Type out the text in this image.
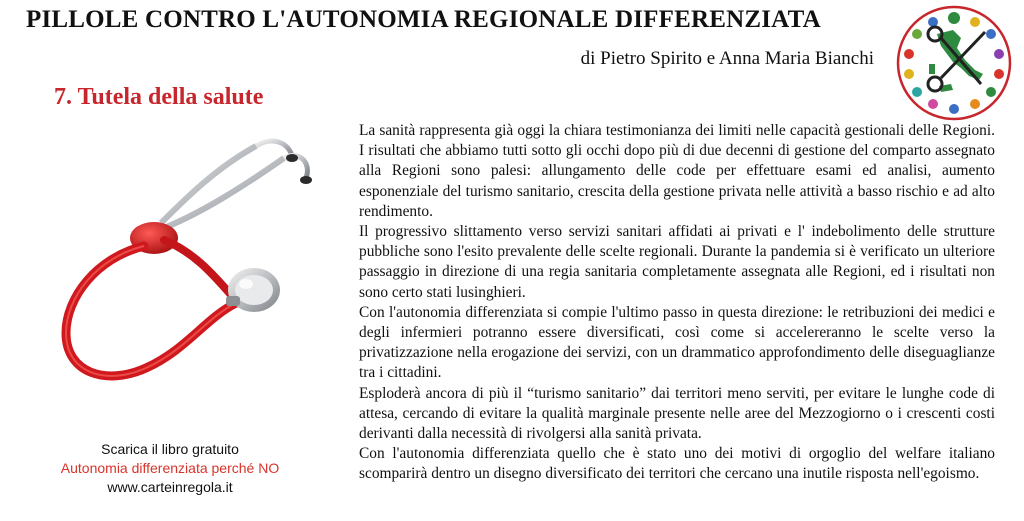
PILLOLE CONTRO L'AUTONOMIA REGIONALE DIFFERENZIATA
di Pietro Spirito e Anna Maria Bianchi
7. Tutela della salute

La sanità rappresenta già oggi la chiara testimonianza dei limiti nelle capacità gestionali delle Regioni. I risultati che abbiamo tutti sotto gli occhi dopo più di due decenni di gestione del comparto assegnato alla Regioni sono palesi: allungamento delle code per effettuare esami ed analisi, aumento esponenziale del turismo sanitario, crescita della gestione privata nelle attività a basso rischio e ad alto rendimento.

Il progressivo slittamento verso servizi sanitari affidati ai privati e l' indebolimento delle strutture pubbliche sono l'esito prevalente delle scelte regionali. Durante la pandemia si è verificato un ulteriore passaggio in direzione di una regia sanitaria completamente assegnata alle Regioni, ed i risultati non sono certo stati lusinghieri.

Con l'autonomia differenziata si compie l'ultimo passo in questa direzione: le retribuzioni dei medici e degli infermieri potranno essere diversificati, così come si accelereranno le scelte verso la privatizzazione nella erogazione dei servizi, con un drammatico approfondimento delle diseguaglianze tra i cittadini.

Esploderà ancora di più il “turismo sanitario” dai territori meno serviti, per evitare le lunghe code di attesa, cercando di evitare la qualità marginale presente nelle aree del Mezzogiorno o i crescenti costi derivanti dalla necessità di rivolgersi alla sanità privata.

Con l'autonomia differenziata quello che è stato uno dei motivi di orgoglio del welfare italiano scomparirà dentro un disegno diversificato dei territori che cercano una inutile risposta nell'egoismo.

Scarica il libro gratuito
Autonomia differenziata perché NO
www.carteinregola.it
